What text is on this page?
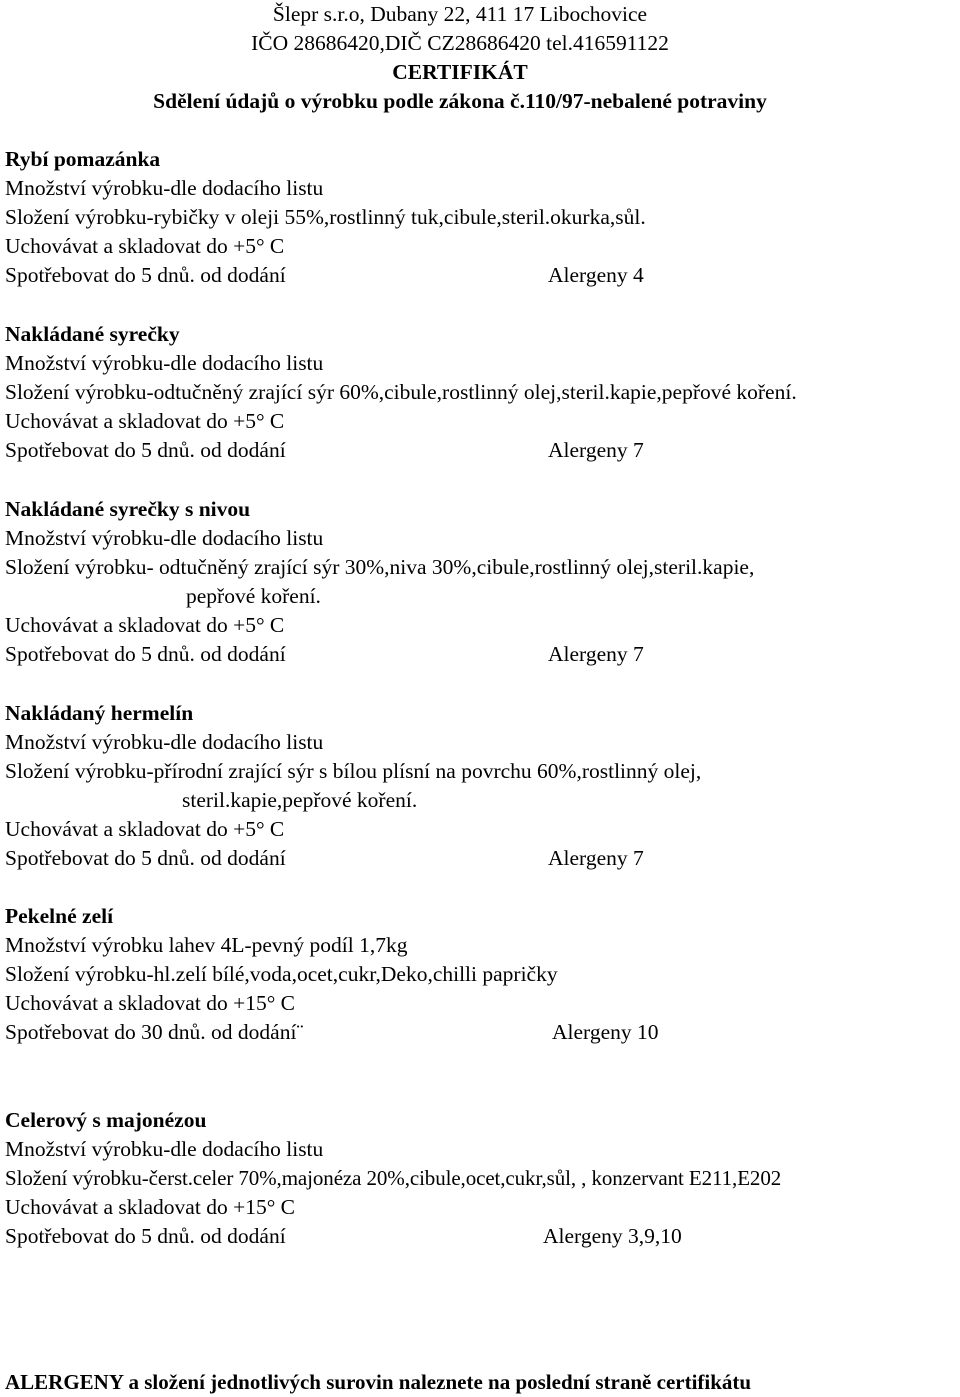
Šlepr s.r.o, Dubany 22, 411 17 Libochovice
IČO 28686420,DIČ CZ28686420 tel.416591122
CERTIFIKÁT
Sdělení údajů o výrobku podle zákona č.110/97-nebalené potraviny
Rybí pomazánka
Množství výrobku-dle dodacího listu
Složení výrobku-rybičky v oleji 55%,rostlinný tuk,cibule,steril.okurka,sůl.
Uchovávat a skladovat do +5° C
Spotřebovat do 5 dnů. od dodání	Alergeny 4
Nakládané syrečky
Množství výrobku-dle dodacího listu
Složení výrobku-odtučněný zrající sýr 60%,cibule,rostlinný olej,steril.kapie,pepřové koření.
Uchovávat a skladovat do +5° C
Spotřebovat do 5 dnů. od dodání	Alergeny 7
Nakládané syrečky s nivou
Množství výrobku-dle dodacího listu
Složení výrobku- odtučněný zrající sýr 30%,niva 30%,cibule,rostlinný olej,steril.kapie,
pepřové koření.
Uchovávat a skladovat do +5° C
Spotřebovat do 5 dnů. od dodání	Alergeny 7
Nakládaný hermelín
Množství výrobku-dle dodacího listu
Složení výrobku-přírodní zrající sýr s bílou plísní na povrchu 60%,rostlinný olej,
steril.kapie,pepřové koření.
Uchovávat a skladovat do +5° C
Spotřebovat do 5 dnů. od dodání	Alergeny 7
Pekelné zelí
Množství výrobku lahev 4L-pevný podíl 1,7kg
Složení výrobku-hl.zelí bílé,voda,ocet,cukr,Deko,chilli papričky
Uchovávat a skladovat do +15° C
Spotřebovat do 30 dnů. od dodání¨	Alergeny 10
Celerový s majonézou
Množství výrobku-dle dodacího listu
Složení výrobku-čerst.celer 70%,majonéza 20%,cibule,ocet,cukr,sůl, , konzervant E211,E202
Uchovávat a skladovat do +15° C
Spotřebovat do 5 dnů. od dodání	Alergeny 3,9,10
ALERGENY a složení jednotlivých surovin naleznete na poslední straně certifikátu
